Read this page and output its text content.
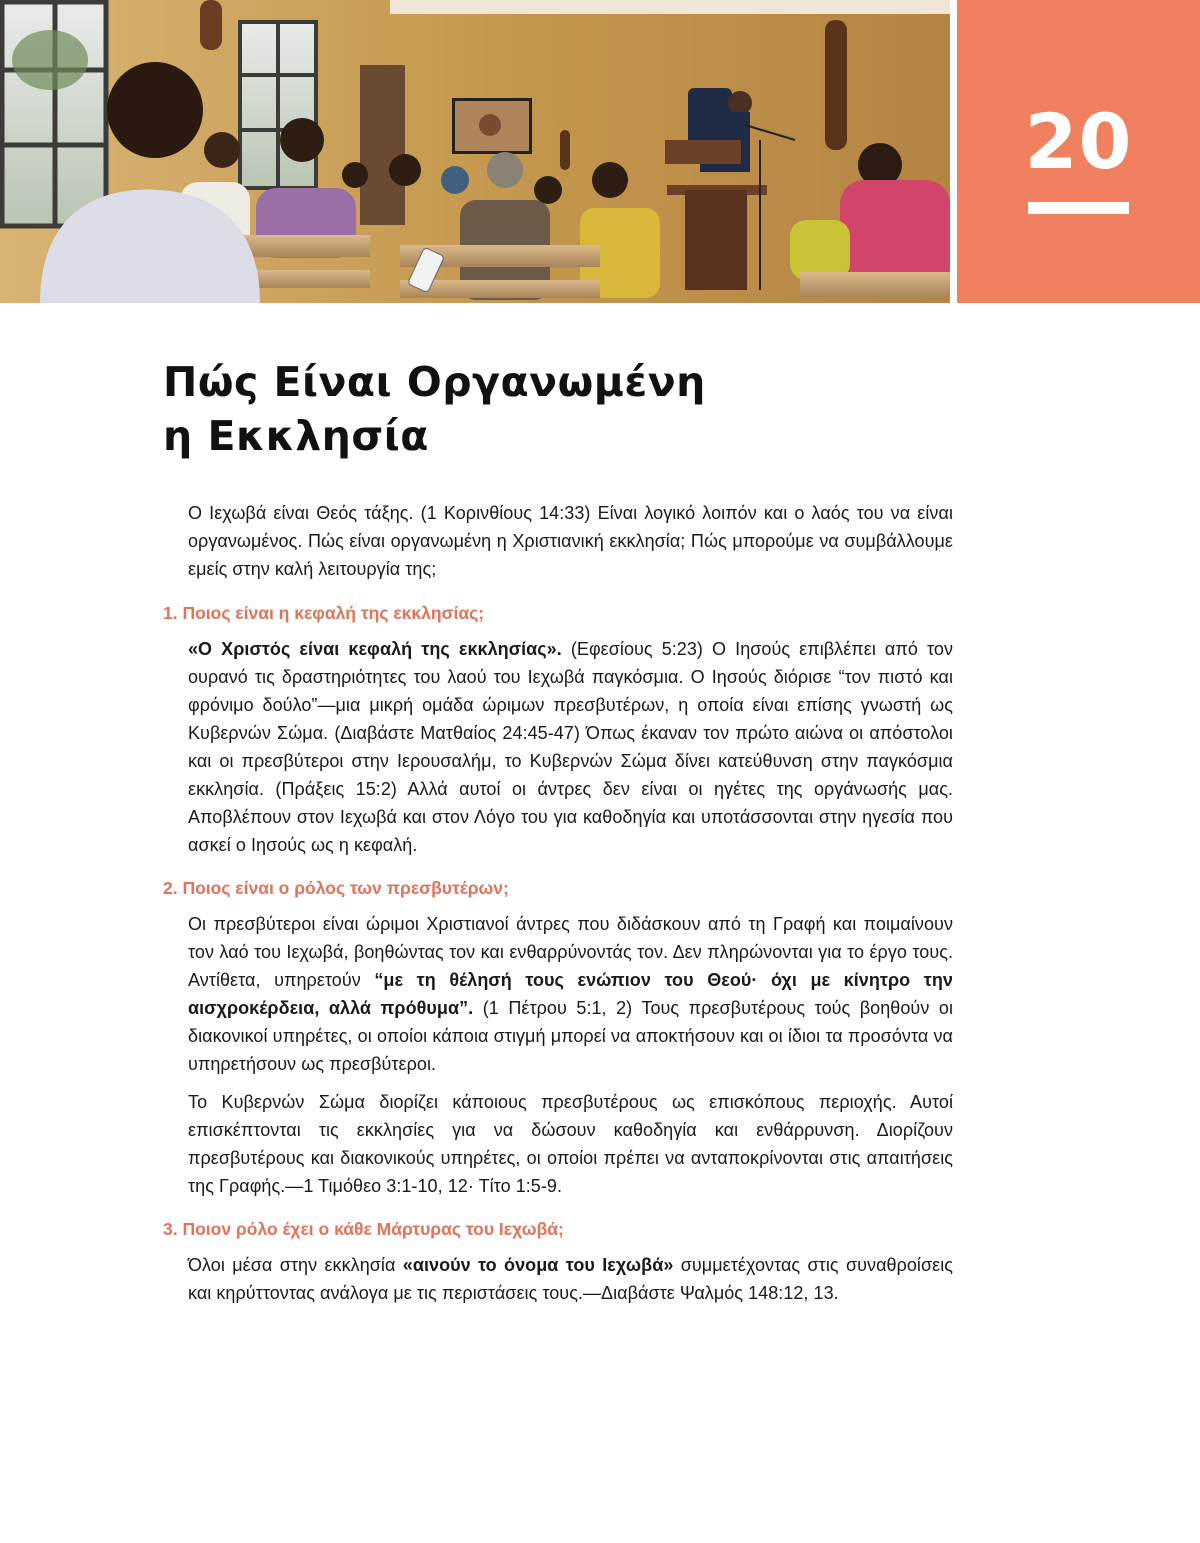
20
Πώς Είναι Οργανωμένη
η Εκκλησία

Ο Ιεχωβά είναι Θεός τάξης. (1 Κορινθίους 14:33) Είναι λογικό λοιπόν και ο λαός του να είναι οργανωμένος. Πώς είναι οργανωμένη η Χριστιανική εκκλησία; Πώς μπορούμε να συμβάλλουμε εμείς στην καλή λειτουργία της;

1. Ποιος είναι η κεφαλή της εκκλησίας;

«Ο Χριστός είναι κεφαλή της εκκλησίας». (Εφεσίους 5:23) Ο Ιησούς επιβλέπει από τον ουρανό τις δραστηριότητες του λαού του Ιεχωβά παγκόσμια. Ο Ιησούς διόρισε “τον πιστό και φρόνιμο δούλο”—μια μικρή ομάδα ώριμων πρεσβυτέρων, η οποία είναι επίσης γνωστή ως Κυβερνών Σώμα. (Διαβάστε Ματθαίος 24:45-47) Όπως έκαναν τον πρώτο αιώνα οι απόστολοι και οι πρεσβύτεροι στην Ιερουσαλήμ, το Κυβερνών Σώμα δίνει κατεύθυνση στην παγκόσμια εκκλησία. (Πράξεις 15:2) Αλλά αυτοί οι άντρες δεν είναι οι ηγέτες της οργάνωσής μας. Αποβλέπουν στον Ιεχωβά και στον Λόγο του για καθοδηγία και υποτάσσονται στην ηγεσία που ασκεί ο Ιησούς ως η κεφαλή.

2. Ποιος είναι ο ρόλος των πρεσβυτέρων;

Οι πρεσβύτεροι είναι ώριμοι Χριστιανοί άντρες που διδάσκουν από τη Γραφή και ποιμαίνουν τον λαό του Ιεχωβά, βοηθώντας τον και ενθαρρύνοντάς τον. Δεν πληρώνονται για το έργο τους. Αντίθετα, υπηρετούν “με τη θέλησή τους ενώπιον του Θεού· όχι με κίνητρο την αισχροκέρδεια, αλλά πρόθυμα”. (1 Πέτρου 5:1, 2) Τους πρεσβυτέρους τούς βοηθούν οι διακονικοί υπηρέτες, οι οποίοι κάποια στιγμή μπορεί να αποκτήσουν και οι ίδιοι τα προσόντα να υπηρετήσουν ως πρεσβύτεροι.

Το Κυβερνών Σώμα διορίζει κάποιους πρεσβυτέρους ως επισκόπους περιοχής. Αυτοί επισκέπτονται τις εκκλησίες για να δώσουν καθοδηγία και ενθάρρυνση. Διορίζουν πρεσβυτέρους και διακονικούς υπηρέτες, οι οποίοι πρέπει να ανταποκρίνονται στις απαιτήσεις της Γραφής.—1 Τιμόθεο 3:1-10, 12· Τίτο 1:5-9.

3. Ποιον ρόλο έχει ο κάθε Μάρτυρας του Ιεχωβά;

Όλοι μέσα στην εκκλησία «αινούν το όνομα του Ιεχωβά» συμμετέχοντας στις συναθροίσεις και κηρύττοντας ανάλογα με τις περιστάσεις τους.—Διαβάστε Ψαλμός 148:12, 13.
